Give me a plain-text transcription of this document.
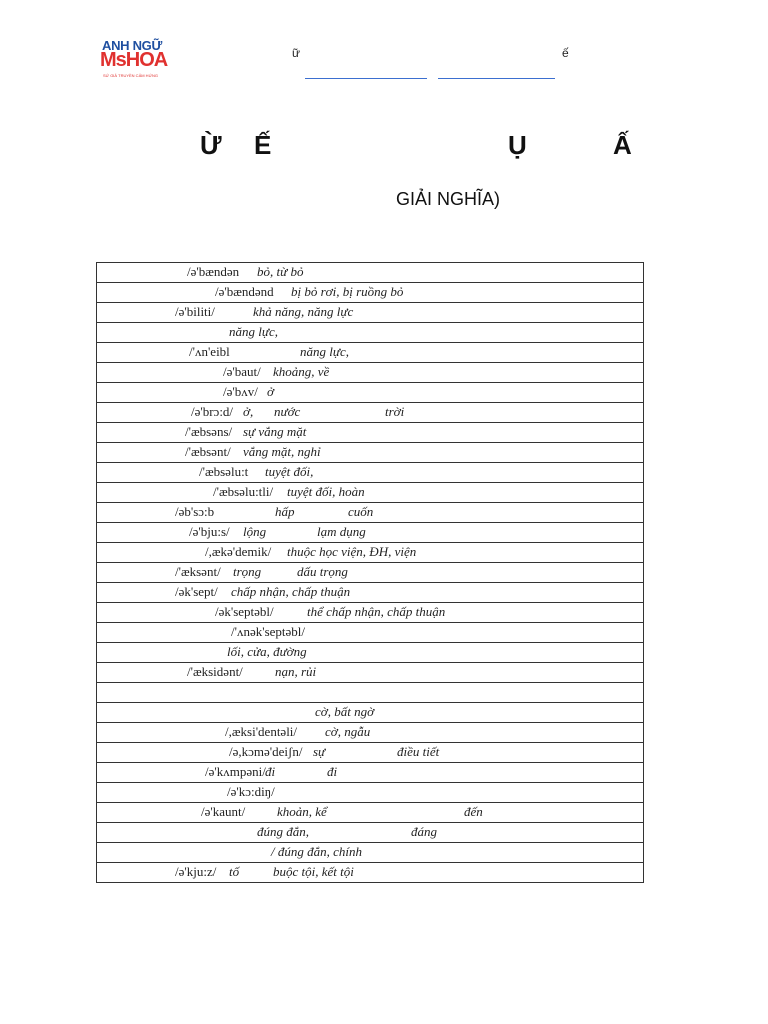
ANH NGỮ
MsHOA
SỨ GIẢ TRUYỀN CẢM HỨNG
ữ	ế
Ừ Ế	Ụ	Ấ
GIẢI NGHĨA)
/ə'bændən bỏ, từ bỏ

/ə'bændənd bị bỏ rơi, bị ruồng bỏ

/ə'biliti/	khả năng, năng lực

năng lực,

/'ʌn'eibl	năng lực,

/ə'baut/ khoảng, về

/ə'bʌv/ ở

/ə'brɔ:d/ ở, nước	trời

/'æbsəns/ sự vắng mặt

/'æbsənt/ vắng mặt, nghỉ

/'æbsəlu:t tuyệt đối,

/'æbsəlu:tli/ tuyệt đối, hoàn

/əb'sɔ:b	hấp	cuốn

/ə'bju:s/ lộng	lạm dụng

/,ækə'demik/ thuộc học viện, ĐH, viện

/'æksənt/ trọng	dấu trọng

/ək'sept/ chấp nhận, chấp thuận

/ək'septəbl/	thể chấp nhận, chấp thuận

/'ʌnək'septəbl/

lối, cửa, đường

/'æksidənt/ nạn, rủi

cờ, bất ngờ

/,æksi'dentəli/ cờ, ngẫu

/ə,kɔmə'deiʃn/ sự	điều tiết

/ə'kʌmpəni/ đi	đi

/ə'kɔ:diŋ/

/ə'kaunt/ khoản, kể	đến

đúng đắn,	đáng

/ đúng đắn, chính

/ə'kju:z/ tố	buộc tội, kết tội
